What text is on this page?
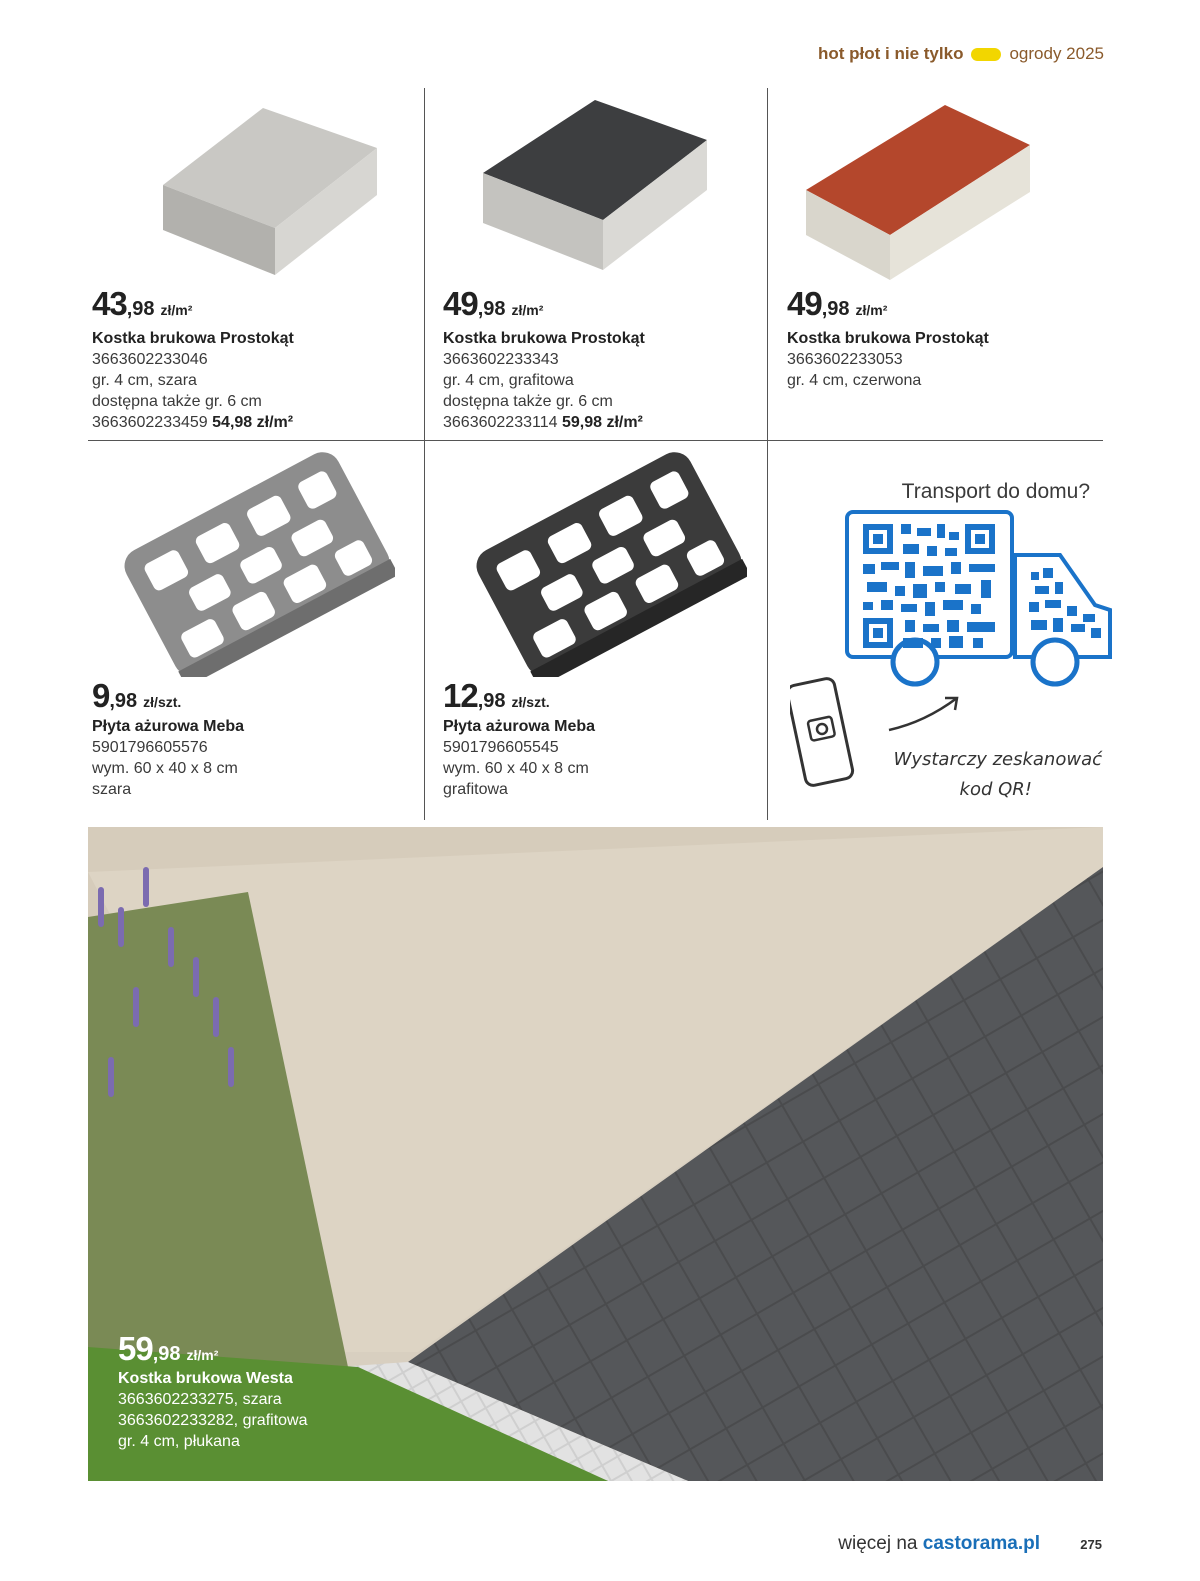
hot płot i nie tylko	ogrody 2025
43 ,98 zł/m²
Kostka brukowa Prostokąt
3663602233046
gr. 4 cm, szara
dostępna także gr. 6 cm
3663602233459 54,98 zł/m²
49 ,98 zł/m²
Kostka brukowa Prostokąt
3663602233343
gr. 4 cm, grafitowa
dostępna także gr. 6 cm
3663602233114 59,98 zł/m²
49 ,98 zł/m²
Kostka brukowa Prostokąt
3663602233053
gr. 4 cm, czerwona
9 ,98 zł/szt.
Płyta ażurowa Meba
5901796605576
wym. 60 x 40 x 8 cm
szara
12 ,98 zł/szt.
Płyta ażurowa Meba
5901796605545
wym. 60 x 40 x 8 cm
grafitowa
Transport do domu?
Wystarczy zeskanować
kod QR!
59 ,98 zł/m²
Kostka brukowa Westa
3663602233275, szara
3663602233282, grafitowa
gr. 4 cm, płukana
więcej na castorama.pl	275
